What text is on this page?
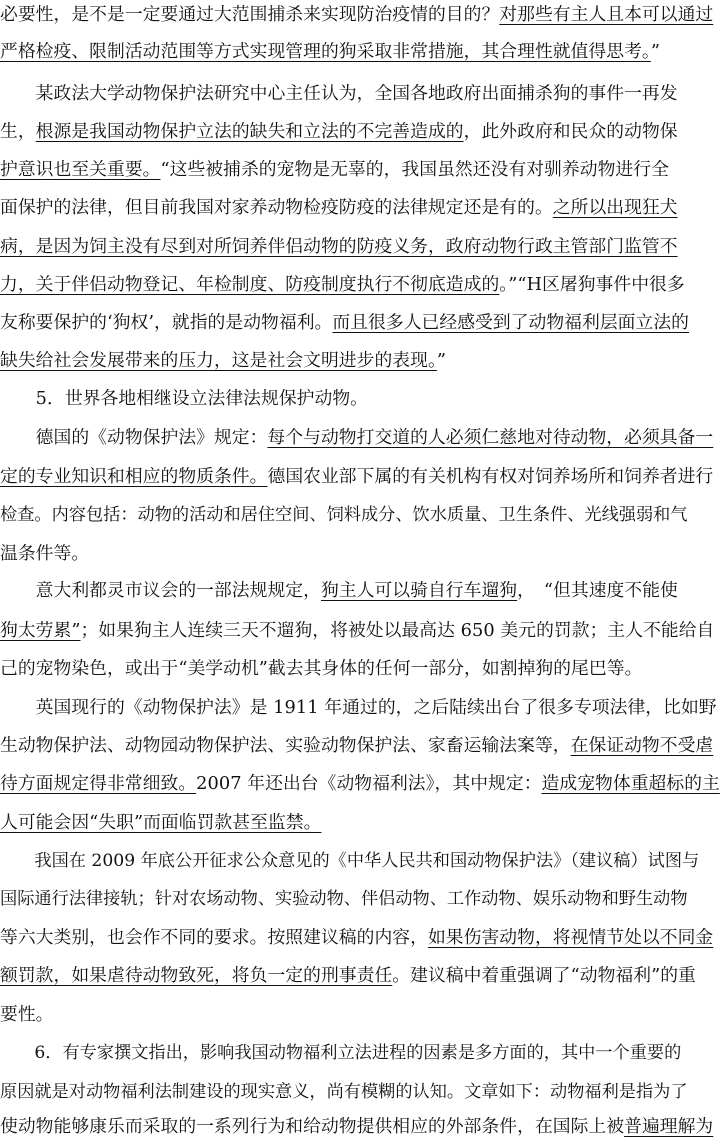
必要性，是不是一定要通过大范围捕杀来实现防治疫情的目的？对那些有主人且本可以通过
严格检疫、限制活动范围等方式实现管理的狗采取非常措施，其合理性就值得思考。”
　　某政法大学动物保护法研究中心主任认为，全国各地政府出面捕杀狗的事件一再发
生，根源是我国动物保护立法的缺失和立法的不完善造成的，此外政府和民众的动物保
护意识也至关重要。“这些被捕杀的宠物是无辜的，我国虽然还没有对驯养动物进行全
面保护的法律，但目前我国对家养动物检疫防疫的法律规定还是有的。之所以出现狂犬
病，是因为饲主没有尽到对所饲养伴侣动物的防疫义务，政府动物行政主管部门监管不
力，关于伴侣动物登记、年检制度、防疫制度执行不彻底造成的。”“H区屠狗事件中很多
友称要保护的‘狗权’，就指的是动物福利。而且很多人已经感受到了动物福利层面立法的
缺失给社会发展带来的压力，这是社会文明进步的表现。”
　　5．世界各地相继设立法律法规保护动物。
　　德国的《动物保护法》规定：每个与动物打交道的人必须仁慈地对待动物，必须具备一
定的专业知识和相应的物质条件。德国农业部下属的有关机构有权对饲养场所和饲养者进行
检查。内容包括：动物的活动和居住空间、饲料成分、饮水质量、卫生条件、光线强弱和气
温条件等。
　　意大利都灵市议会的一部法规规定，狗主人可以骑自行车遛狗，　“但其速度不能使
狗太劳累”；如果狗主人连续三天不遛狗，将被处以最高达 650 美元的罚款；主人不能给自
己的宠物染色，或出于“美学动机”截去其身体的任何一部分，如割掉狗的尾巴等。
　　英国现行的《动物保护法》是 1911 年通过的，之后陆续出台了很多专项法律，比如野
生动物保护法、动物园动物保护法、实验动物保护法、家畜运输法案等，在保证动物不受虐
待方面规定得非常细致。2007 年还出台《动物福利法》，其中规定：造成宠物体重超标的主
人可能会因“失职”而面临罚款甚至监禁。
　　我国在 2009 年底公开征求公众意见的《中华人民共和国动物保护法》（建议稿）试图与
国际通行法律接轨；针对农场动物、实验动物、伴侣动物、工作动物、娱乐动物和野生动物
等六大类别，也会作不同的要求。按照建议稿的内容，如果伤害动物，将视情节处以不同金
额罚款，如果虐待动物致死，将负一定的刑事责任。建议稿中着重强调了“动物福利”的重
要性。
　　6．有专家撰文指出，影响我国动物福利立法进程的因素是多方面的，其中一个重要的
原因就是对动物福利法制建设的现实意义，尚有模糊的认知。文章如下：动物福利是指为了
使动物能够康乐而采取的一系列行为和给动物提供相应的外部条件，在国际上被普遍理解为
